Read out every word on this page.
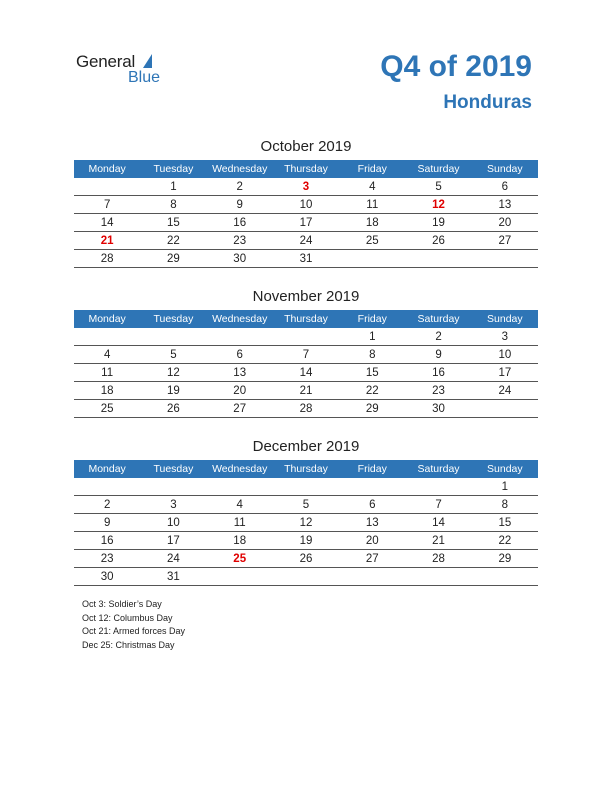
General
Blue	Q4 of 2019
Honduras
October 2019
Monday	Tuesday	Wednesday	Thursday	Friday	Saturday	Sunday
	1	2	3	4	5	6
7	8	9	10	11	12	13
14	15	16	17	18	19	20
21	22	23	24	25	26	27
28	29	30	31			
November 2019
Monday	Tuesday	Wednesday	Thursday	Friday	Saturday	Sunday
				1	2	3
4	5	6	7	8	9	10
11	12	13	14	15	16	17
18	19	20	21	22	23	24
25	26	27	28	29	30	
December 2019
Monday	Tuesday	Wednesday	Thursday	Friday	Saturday	Sunday
						1
2	3	4	5	6	7	8
9	10	11	12	13	14	15
16	17	18	19	20	21	22
23	24	25	26	27	28	29
30	31					
Oct 3: Soldier’s Day
Oct 12: Columbus Day
Oct 21: Armed forces Day
Dec 25: Christmas Day
